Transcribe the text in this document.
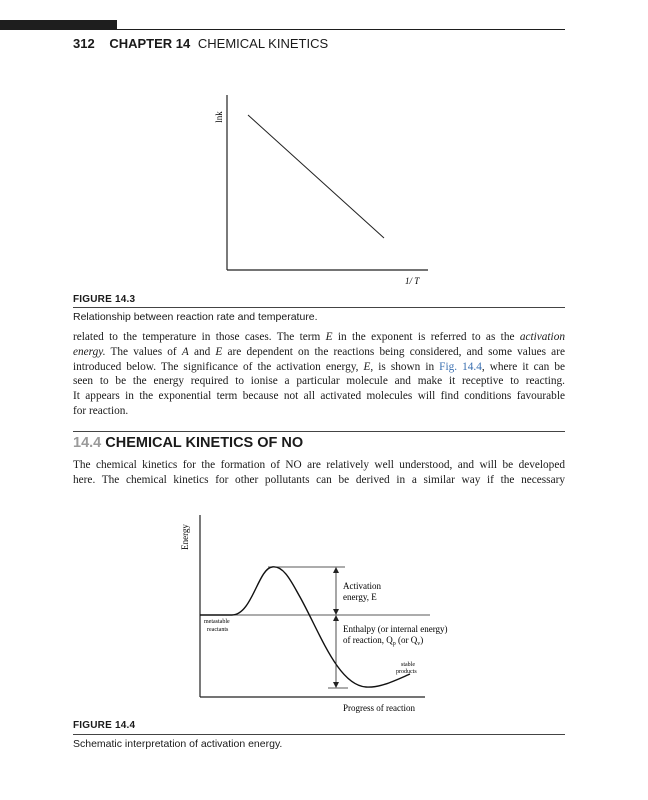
312 CHAPTER 14 CHEMICAL KINETICS
lnk
1/ T
FIGURE 14.3
Relationship between reaction rate and temperature.
related to the temperature in those cases. The term E in the exponent is referred to as the activation
energy. The values of A and E are dependent on the reactions being considered, and some values are
introduced below. The significance of the activation energy, E, is shown in Fig. 14.4, where it can be
seen to be the energy required to ionise a particular molecule and make it receptive to reacting.
It appears in the exponential term because not all activated molecules will find conditions favourable
for reaction.
14.4 CHEMICAL KINETICS OF NO
The chemical kinetics for the formation of NO are relatively well understood, and will be developed
here. The chemical kinetics for other pollutants can be derived in a similar way if the necessary
Energy
metastable
reactants
stable
products
Activation
energy, E
Enthalpy (or internal energy)
of reaction, $Q_p$ (or $Q_v$)
Progress of reaction
FIGURE 14.4
Schematic interpretation of activation energy.
